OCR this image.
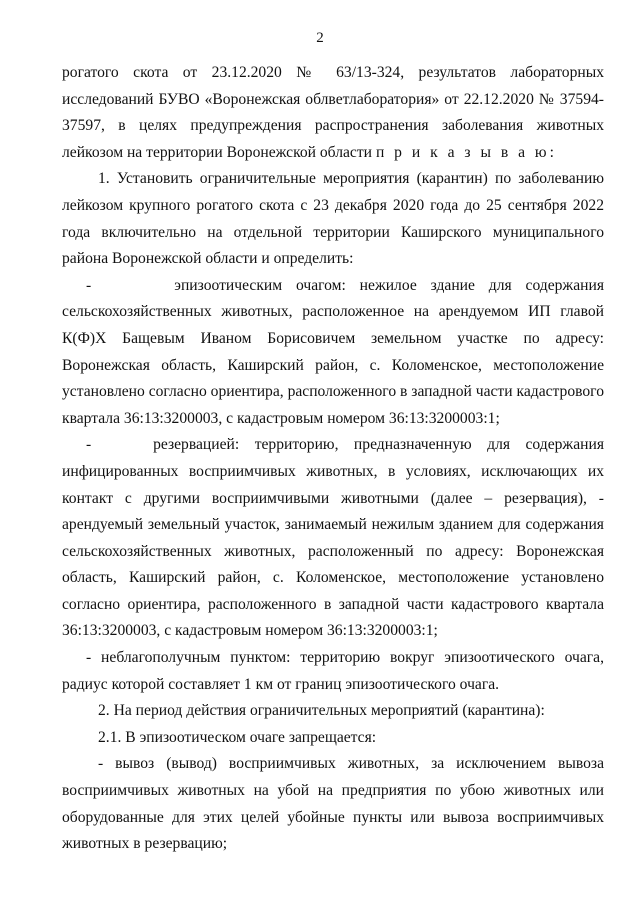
2

рогатого скота от 23.12.2020 № 63/13-324, результатов лабораторных исследований БУВО «Воронежская облветлаборатория» от 22.12.2020 № 37594-37597, в целях предупреждения распространения заболевания животных лейкозом на территории Воронежской области п р и к а з ы в а ю:

1. Установить ограничительные мероприятия (карантин) по заболеванию лейкозом крупного рогатого скота с 23 декабря 2020 года до 25 сентября 2022 года включительно на отдельной территории Каширского муниципального района Воронежской области и определить:

-      эпизоотическим очагом: нежилое здание для содержания сельскохозяйственных животных, расположенное на арендуемом ИП главой К(Ф)Х Бащевым Иваном Борисовичем земельном участке по адресу: Воронежская область, Каширский район, с. Коломенское, местоположение установлено согласно ориентира, расположенного в западной части кадастрового квартала 36:13:3200003, с кадастровым номером 36:13:3200003:1;

-    резервацией: территорию, предназначенную для содержания инфицированных восприимчивых животных, в условиях, исключающих их контакт с другими восприимчивыми животными (далее – резервация), - арендуемый земельный участок, занимаемый нежилым зданием для содержания сельскохозяйственных животных, расположенный по адресу: Воронежская область, Каширский район, с. Коломенское, местоположение установлено согласно ориентира, расположенного в западной части кадастрового квартала 36:13:3200003, с кадастровым номером 36:13:3200003:1;

- неблагополучным пунктом: территорию вокруг эпизоотического очага, радиус которой составляет 1 км от границ эпизоотического очага.

2. На период действия ограничительных мероприятий (карантина):

2.1. В эпизоотическом очаге запрещается:

- вывоз (вывод) восприимчивых животных, за исключением вывоза восприимчивых животных на убой на предприятия по убою животных или оборудованные для этих целей убойные пункты или вывоза восприимчивых животных в резервацию;
